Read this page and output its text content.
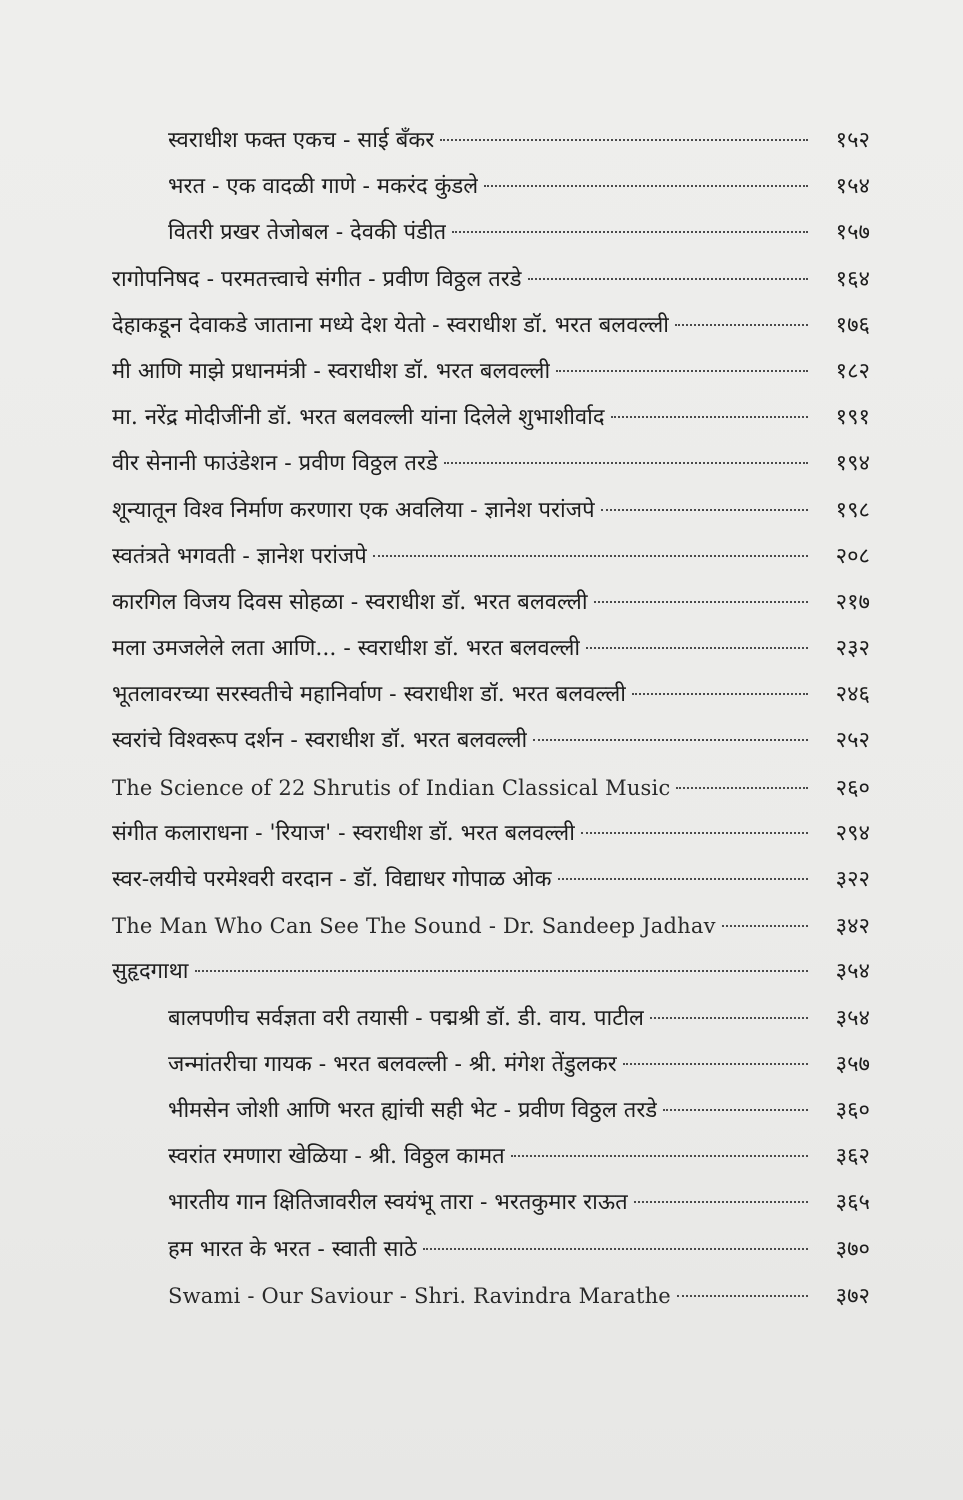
स्वराधीश फक्त एकच - साई बँकर	१५२
भरत - एक वादळी गाणे - मकरंद कुंडले	१५४
वितरी प्रखर तेजोबल - देवकी पंडीत	१५७
रागोपनिषद - परमतत्त्वाचे संगीत - प्रवीण विठ्ठल तरडे	१६४
देहाकडून देवाकडे जाताना मध्ये देश येतो - स्वराधीश डॉ. भरत बलवल्ली	१७६
मी आणि माझे प्रधानमंत्री - स्वराधीश डॉ. भरत बलवल्ली	१८२
मा. नरेंद्र मोदीजींनी डॉ. भरत बलवल्ली यांना दिलेले शुभाशीर्वाद	१९१
वीर सेनानी फाउंडेशन - प्रवीण विठ्ठल तरडे	१९४
शून्यातून विश्व निर्माण करणारा एक अवलिया - ज्ञानेश परांजपे	१९८
स्वतंत्रते भगवती - ज्ञानेश परांजपे	२०८
कारगिल विजय दिवस सोहळा - स्वराधीश डॉ. भरत बलवल्ली	२१७
मला उमजलेले लता आणि... - स्वराधीश डॉ. भरत बलवल्ली	२३२
भूतलावरच्या सरस्वतीचे महानिर्वाण - स्वराधीश डॉ. भरत बलवल्ली	२४६
स्वरांचे विश्वरूप दर्शन - स्वराधीश डॉ. भरत बलवल्ली	२५२
The Science of 22 Shrutis of Indian Classical Music	२६०
संगीत कलाराधना - 'रियाज' - स्वराधीश डॉ. भरत बलवल्ली	२९४
स्वर-लयीचे परमेश्वरी वरदान - डॉ. विद्याधर गोपाळ ओक	३२२
The Man Who Can See The Sound - Dr. Sandeep Jadhav	३४२
सुहृदगाथा	३५४
बालपणीच सर्वज्ञता वरी तयासी - पद्मश्री डॉ. डी. वाय. पाटील	३५४
जन्मांतरीचा गायक - भरत बलवल्ली - श्री. मंगेश तेंडुलकर	३५७
भीमसेन जोशी आणि भरत ह्यांची सही भेट - प्रवीण विठ्ठल तरडे	३६०
स्वरांत रमणारा खेळिया - श्री. विठ्ठल कामत	३६२
भारतीय गान क्षितिजावरील स्वयंभू तारा - भरतकुमार राऊत	३६५
हम भारत के भरत - स्वाती साठे	३७०
Swami - Our Saviour - Shri. Ravindra Marathe	३७२
